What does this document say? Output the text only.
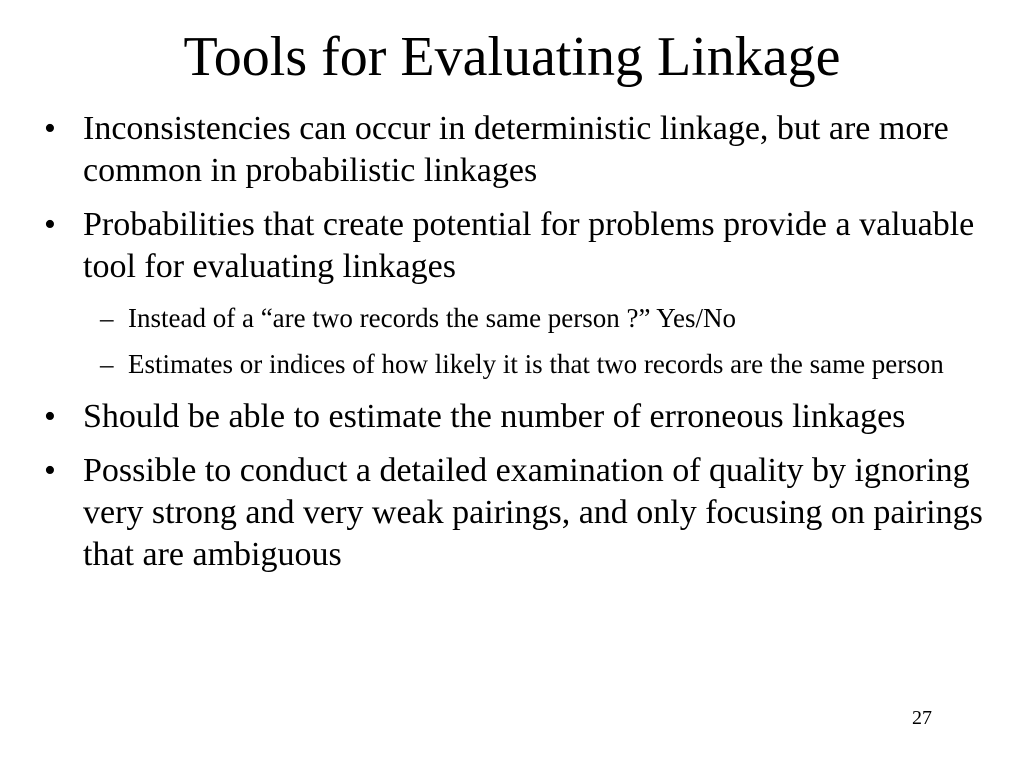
Tools for Evaluating Linkage
• Inconsistencies can occur in deterministic linkage, but are more common in probabilistic linkages
• Probabilities that create potential for problems provide a valuable tool for evaluating linkages
– Instead of a “are two records the same person ?” Yes/No
– Estimates or indices of how likely it is that two records are the same person
• Should be able to estimate the number of erroneous linkages
• Possible to conduct a detailed examination of quality by ignoring very strong and very weak pairings, and only focusing on pairings that are ambiguous
27
